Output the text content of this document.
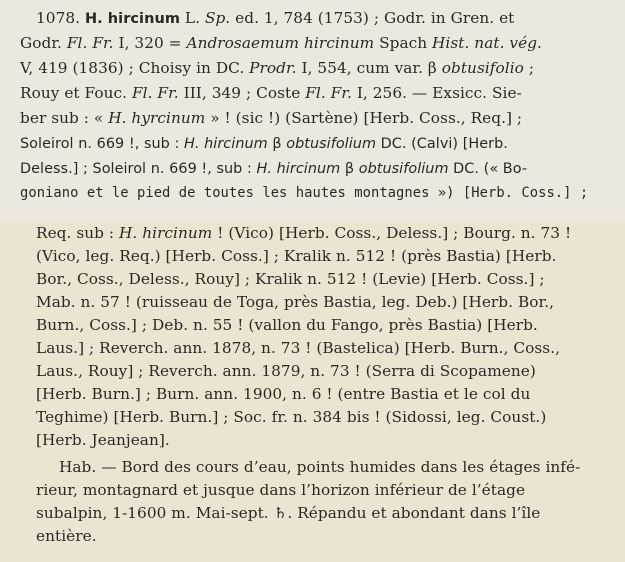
1078. H. hircinum L. Sp. ed. 1, 784 (1753) ; Godr. in Gren. et
Godr. Fl. Fr. I, 320 = Androsaemum hircinum Spach Hist. nat. vég.
V, 419 (1836) ; Choisy in DC. Prodr. I, 554, cum var. β obtusifolio ;
Rouy et Fouc. Fl. Fr. III, 349 ; Coste Fl. Fr. I, 256. — Exsicc. Sie-
ber sub : « H. hyrcinum » ! (sic !) (Sartène) [Herb. Coss., Req.] ;
Soleirol n. 669 !, sub : H. hircinum β obtusifolium DC. (Calvi) [Herb.
Deless.] ; Soleirol n. 669 !, sub : H. hircinum β obtusifolium DC. (« Bo-
goniano et le pied de toutes les hautes montagnes ») [Herb. Coss.] ;
Req. sub : H. hircinum ! (Vico) [Herb. Coss., Deless.] ; Bourg. n. 73 !
(Vico, leg. Req.) [Herb. Coss.] ; Kralik n. 512 ! (près Bastia) [Herb.
Bor., Coss., Deless., Rouy] ; Kralik n. 512 ! (Levie) [Herb. Coss.] ;
Mab. n. 57 ! (ruisseau de Toga, près Bastia, leg. Deb.) [Herb. Bor.,
Burn., Coss.] ; Deb. n. 55 ! (vallon du Fango, près Bastia) [Herb.
Laus.] ; Reverch. ann. 1878, n. 73 ! (Bastelica) [Herb. Burn., Coss.,
Laus., Rouy] ; Reverch. ann. 1879, n. 73 ! (Serra di Scopamene)
[Herb. Burn.] ; Burn. ann. 1900, n. 6 ! (entre Bastia et le col du
Teghime) [Herb. Burn.] ; Soc. fr. n. 384 bis ! (Sidossi, leg. Coust.)
[Herb. Jeanjean].
Hab. — Bord des cours d’eau, points humides dans les étages infé-
rieur, montagnard et jusque dans l’horizon inférieur de l’étage
subalpin, 1-1600 m. Mai-sept. ♄. Répandu et abondant dans l’île
entière.
